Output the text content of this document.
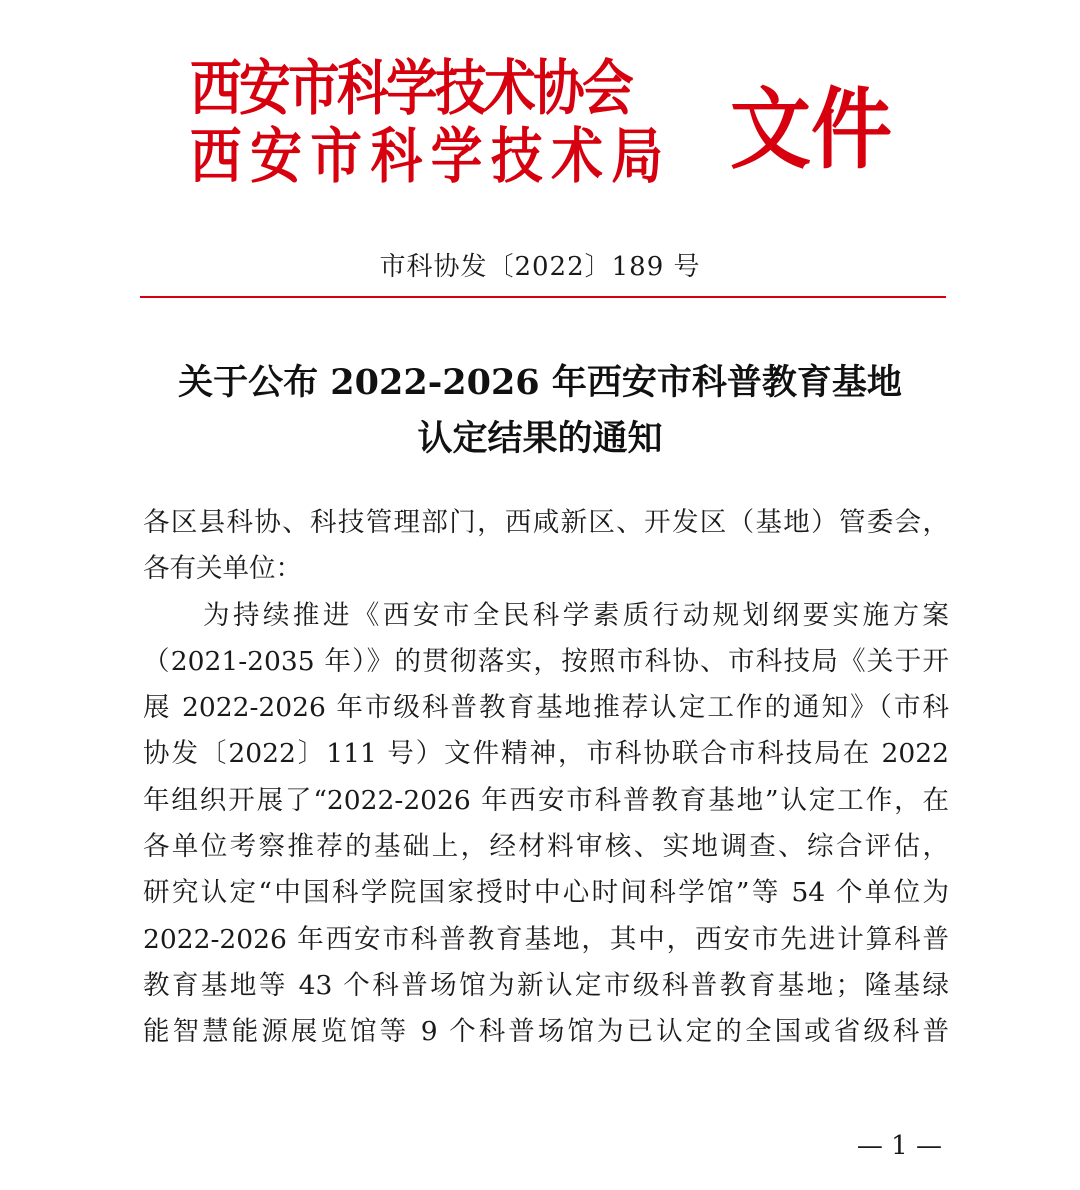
西安市科学技术协会
西安市科学技术局 文件
市科协发〔2022〕189 号
关于公布 2022-2026 年西安市科普教育基地
认定结果的通知
各区县科协、科技管理部门，西咸新区、开发区（基地）管委会，
各有关单位：
　　为持续推进《西安市全民科学素质行动规划纲要实施方案
（2021-2035 年）》的贯彻落实，按照市科协、市科技局《关于开
展 2022-2026 年市级科普教育基地推荐认定工作的通知》（市科
协发〔2022〕111 号）文件精神，市科协联合市科技局在 2022
年组织开展了“2022-2026 年西安市科普教育基地”认定工作，在
各单位考察推荐的基础上，经材料审核、实地调查、综合评估，
研究认定“中国科学院国家授时中心时间科学馆”等 54 个单位为
2022-2026 年西安市科普教育基地，其中，西安市先进计算科普
教育基地等 43 个科普场馆为新认定市级科普教育基地；隆基绿
能智慧能源展览馆等 9 个科普场馆为已认定的全国或省级科普
— 1 —
